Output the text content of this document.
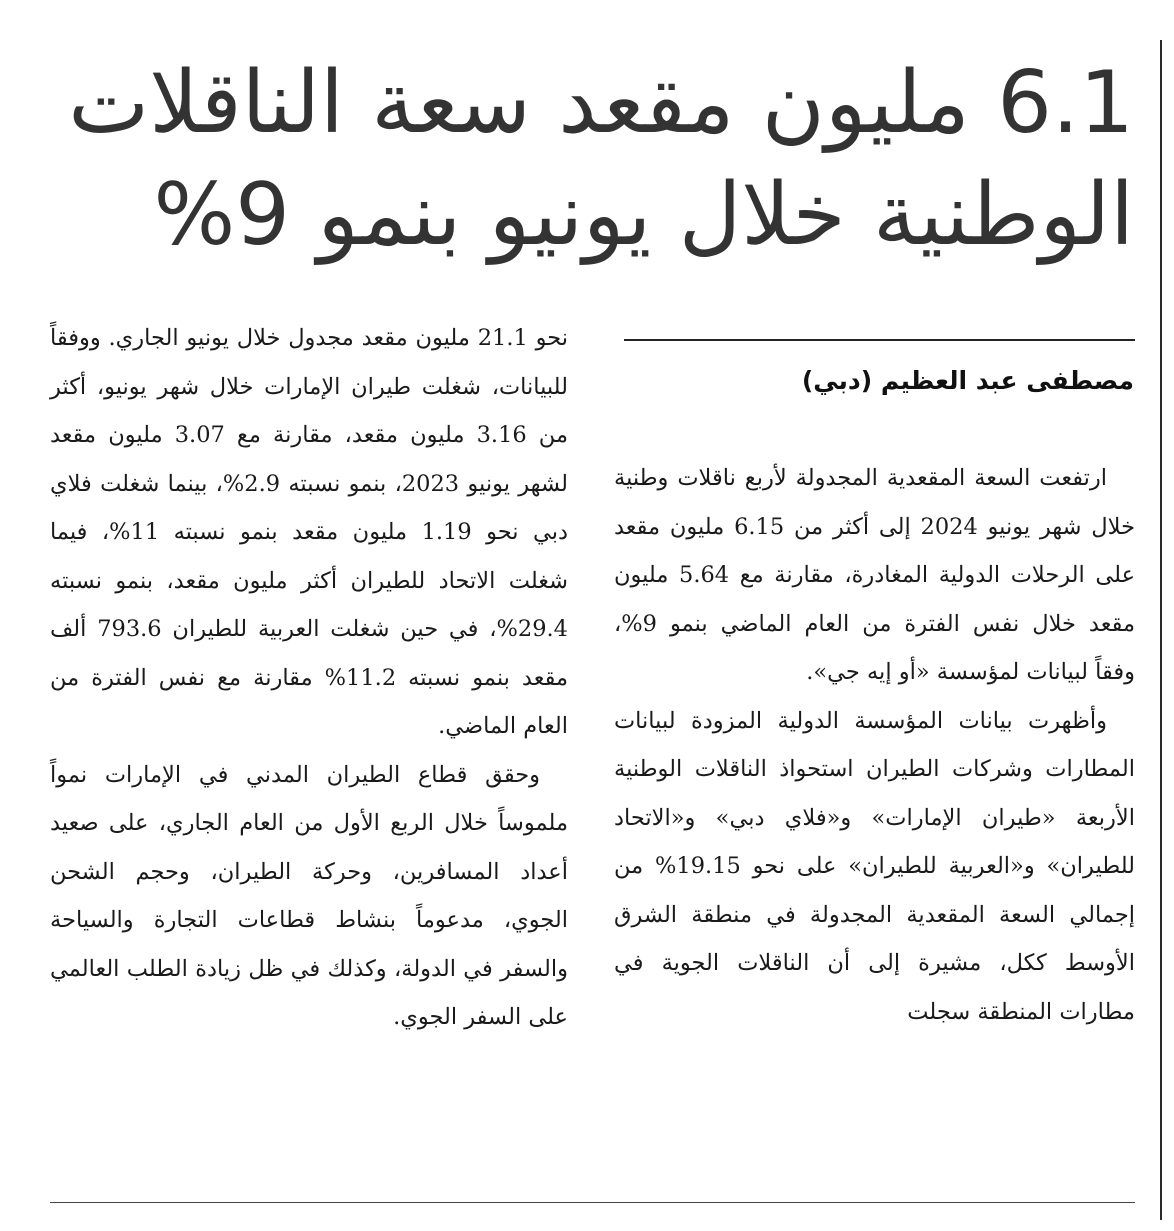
6.1 مليون مقعد سعة الناقلات
الوطنية خلال يونيو بنمو 9%
مصطفى عبد العظيم (دبي)

ارتفعت السعة المقعدية المجدولة لأربع ناقلات وطنية خلال شهر يونيو 2024 إلى أكثر من 6.15 مليون مقعد على الرحلات الدولية المغادرة، مقارنة مع 5.64 مليون مقعد خلال نفس الفترة من العام الماضي بنمو 9%، وفقاً لبيانات لمؤسسة «أو إيه جي».

وأظهرت بيانات المؤسسة الدولية المزودة لبيانات المطارات وشركات الطيران استحواذ الناقلات الوطنية الأربعة «طيران الإمارات» و«فلاي دبي» و«الاتحاد للطيران» و«العربية للطيران» على نحو 19.15% من إجمالي السعة المقعدية المجدولة في منطقة الشرق الأوسط ككل، مشيرة إلى أن الناقلات الجوية في مطارات المنطقة سجلت

نحو 21.1 مليون مقعد مجدول خلال يونيو الجاري. ووفقاً للبيانات، شغلت طيران الإمارات خلال شهر يونيو، أكثر من 3.16 مليون مقعد، مقارنة مع 3.07 مليون مقعد لشهر يونيو 2023، بنمو نسبته 2.9%، بينما شغلت فلاي دبي نحو 1.19 مليون مقعد بنمو نسبته 11%، فيما شغلت الاتحاد للطيران أكثر مليون مقعد، بنمو نسبته 29.4%، في حين شغلت العربية للطيران 793.6 ألف مقعد بنمو نسبته 11.2% مقارنة مع نفس الفترة من العام الماضي.

وحقق قطاع الطيران المدني في الإمارات نمواً ملموساً خلال الربع الأول من العام الجاري، على صعيد أعداد المسافرين، وحركة الطيران، وحجم الشحن الجوي، مدعوماً بنشاط قطاعات التجارة والسياحة والسفر في الدولة، وكذلك في ظل زيادة الطلب العالمي على السفر الجوي.
